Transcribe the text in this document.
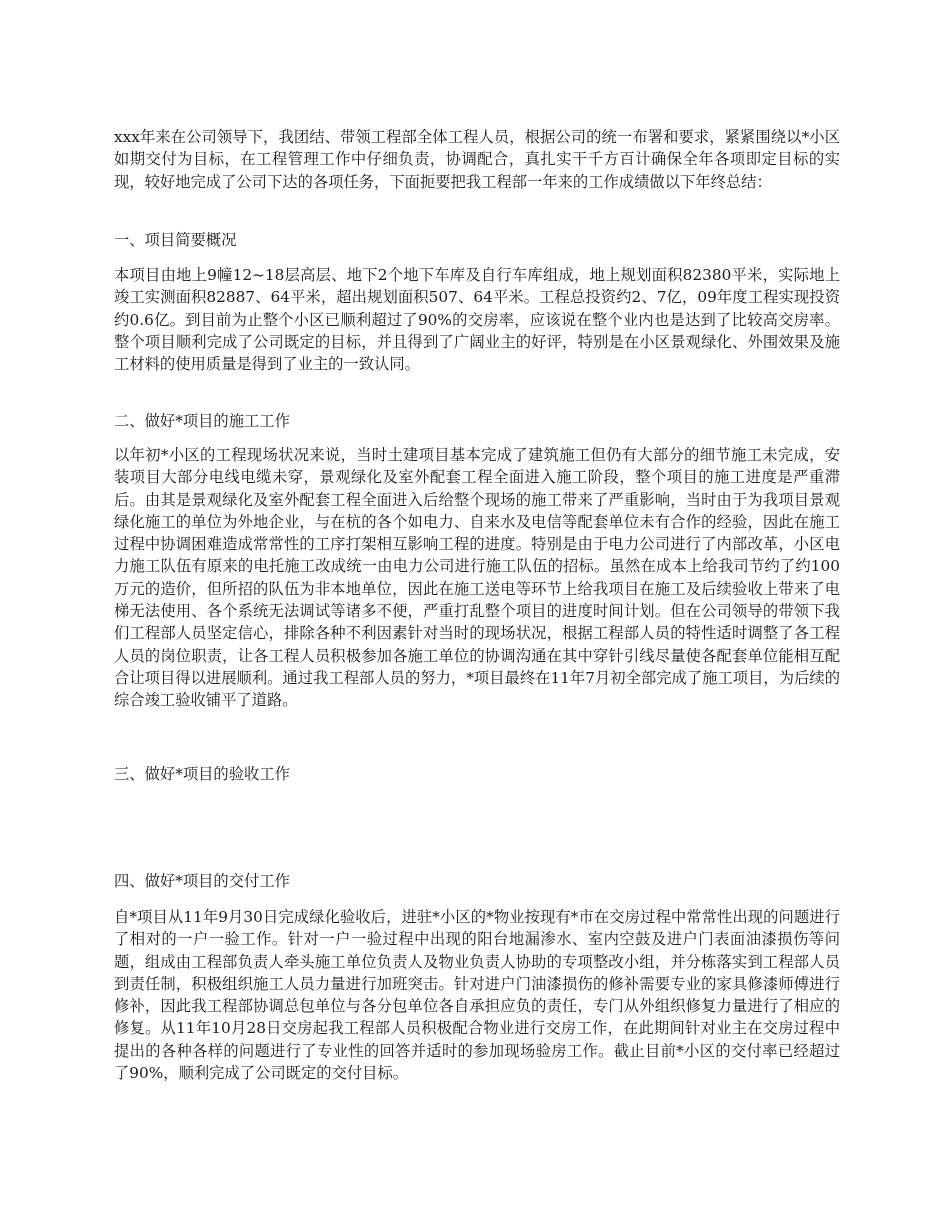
xxx年来在公司领导下，我团结、带领工程部全体工程人员，根据公司的统一布署和要求，紧紧围绕以*小区如期交付为目标，在工程管理工作中仔细负责，协调配合，真扎实干千方百计确保全年各项即定目标的实现，较好地完成了公司下达的各项任务，下面扼要把我工程部一年来的工作成绩做以下年终总结：

一、项目简要概况

本项目由地上9幢12~18层高层、地下2个地下车库及自行车库组成，地上规划面积82380平米，实际地上竣工实测面积82887、64平米，超出规划面积507、64平米。工程总投资约2、7亿，09年度工程实现投资约0.6亿。到目前为止整个小区已顺利超过了90%的交房率，应该说在整个业内也是达到了比较高交房率。整个项目顺利完成了公司既定的目标，并且得到了广阔业主的好评，特别是在小区景观绿化、外围效果及施工材料的使用质量是得到了业主的一致认同。

二、做好*项目的施工工作

以年初*小区的工程现场状况来说，当时土建项目基本完成了建筑施工但仍有大部分的细节施工未完成，安装项目大部分电线电缆未穿，景观绿化及室外配套工程全面进入施工阶段，整个项目的施工进度是严重滞后。由其是景观绿化及室外配套工程全面进入后给整个现场的施工带来了严重影响，当时由于为我项目景观绿化施工的单位为外地企业，与在杭的各个如电力、自来水及电信等配套单位未有合作的经验，因此在施工过程中协调困难造成常常性的工序打架相互影响工程的进度。特别是由于电力公司进行了内部改革，小区电力施工队伍有原来的电托施工改成统一由电力公司进行施工队伍的招标。虽然在成本上给我司节约了约100万元的造价，但所招的队伍为非本地单位，因此在施工送电等环节上给我项目在施工及后续验收上带来了电梯无法使用、各个系统无法调试等诸多不便，严重打乱整个项目的进度时间计划。但在公司领导的带领下我们工程部人员坚定信心，排除各种不利因素针对当时的现场状况，根据工程部人员的特性适时调整了各工程人员的岗位职责，让各工程人员积极参加各施工单位的协调沟通在其中穿针引线尽量使各配套单位能相互配合让项目得以进展顺利。通过我工程部人员的努力，*项目最终在11年7月初全部完成了施工项目，为后续的综合竣工验收铺平了道路。

三、做好*项目的验收工作

四、做好*项目的交付工作

自*项目从11年9月30日完成绿化验收后，进驻*小区的*物业按现有*市在交房过程中常常性出现的问题进行了相对的一户一验工作。针对一户一验过程中出现的阳台地漏渗水、室内空鼓及进户门表面油漆损伤等问题，组成由工程部负责人牵头施工单位负责人及物业负责人协助的专项整改小组，并分栋落实到工程部人员到责任制，积极组织施工人员力量进行加班突击。针对进户门油漆损伤的修补需要专业的家具修漆师傅进行修补，因此我工程部协调总包单位与各分包单位各自承担应负的责任，专门从外组织修复力量进行了相应的修复。从11年10月28日交房起我工程部人员积极配合物业进行交房工作，在此期间针对业主在交房过程中提出的各种各样的问题进行了专业性的回答并适时的参加现场验房工作。截止目前*小区的交付率已经超过了90%，顺利完成了公司既定的交付目标。
